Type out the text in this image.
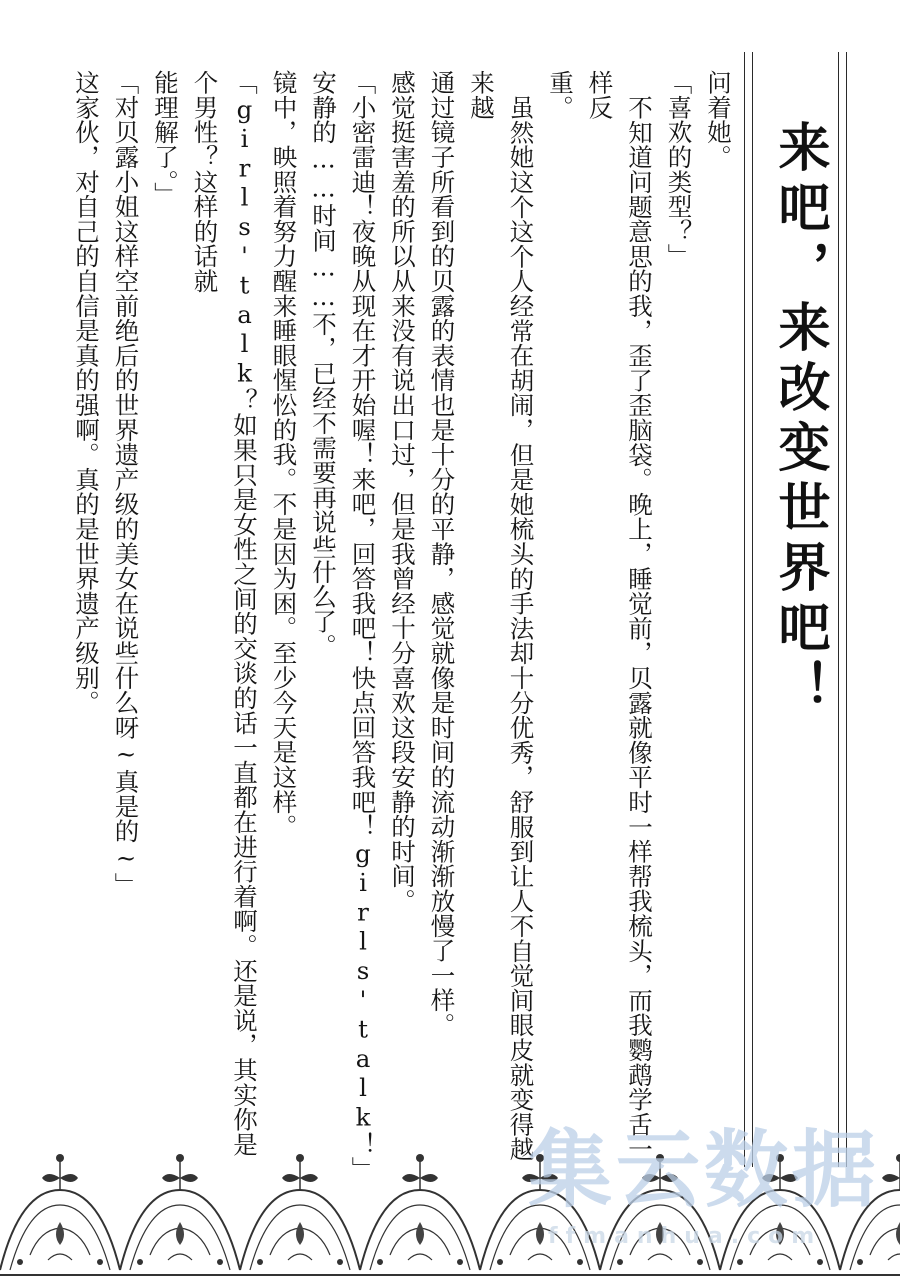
来吧，来改变世界吧！

问着她。

「喜欢的类型？」

不知道问题意思的我，歪了歪脑袋。晚上，睡觉前，贝露就像平时一样帮我梳头，而我鹦鹉学舌一样反

重。

虽然她这个这个人经常在胡闹，但是她梳头的手法却十分优秀，舒服到让人不自觉间眼皮就变得越来越

通过镜子所看到的贝露的表情也是十分的平静，感觉就像是时间的流动渐渐放慢了一样。

感觉挺害羞的所以从来没有说出口过，但是我曾经十分喜欢这段安静的时间。

「小密雷迪！夜晚从现在才开始喔！来吧，回答我吧！快点回答我吧！girls'talk！」

安静的……时间……不，已经不需要再说些什么了。

镜中，映照着努力醒来睡眼惺忪的我。不是因为困。至少今天是这样。

「girls'talk？如果只是女性之间的交谈的话一直都在进行着啊。还是说，其实你是个男性？这样的话就

能理解了。」

「对贝露小姐这样空前绝后的世界遗产级的美女在说些什么呀~真是的~」

这家伙，对自己的自信是真的强啊。真的是世界遗产级别。

集云数据
ffmanhua.com
